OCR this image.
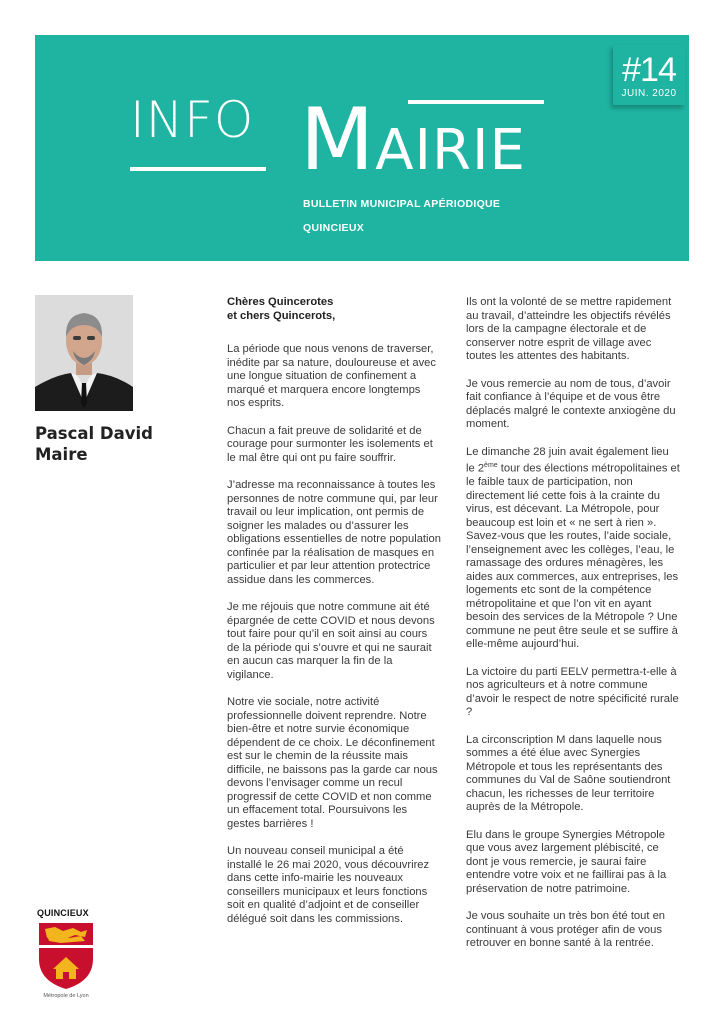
#14
JUIN. 2020
INFO MAIRIE
BULLETIN MUNICIPAL APÉRIODIQUE
QUINCIEUX
Pascal David
Maire

Chères Quincerotes
et chers Quincerots,

La période que nous venons de traverser, inédite par sa nature, douloureuse et avec une longue situation de confinement a marqué et marquera encore longtemps nos esprits.

Chacun a fait preuve de solidarité et de courage pour surmonter les isolements et le mal être qui ont pu faire souffrir.

J’adresse ma reconnaissance à toutes les personnes de notre commune qui, par leur travail ou leur implication, ont permis de soigner les malades ou d’assurer les obligations essentielles de notre population confinée par la réalisation de masques en particulier et par leur attention protectrice assidue dans les commerces.

Je me réjouis que notre commune ait été épargnée de cette COVID et nous devons tout faire pour qu’il en soit ainsi au cours de la période qui s’ouvre et qui ne saurait en aucun cas marquer la fin de la vigilance.

Notre vie sociale, notre activité professionnelle doivent reprendre. Notre bien-être et notre survie économique dépendent de ce choix. Le déconfinement est sur le chemin de la réussite mais difficile, ne baissons pas la garde car nous devons l’envisager comme un recul progressif de cette COVID et non comme un effacement total. Poursuivons les gestes barrières !

Un nouveau conseil municipal a été installé le 26 mai 2020, vous découvrirez dans cette info-mairie les nouveaux conseillers municipaux et leurs fonctions soit en qualité d’adjoint et de conseiller délégué soit dans les commissions.

Ils ont la volonté de se mettre rapidement au travail, d’atteindre les objectifs révélés lors de la campagne électorale et de conserver notre esprit de village avec toutes les attentes des habitants.

Je vous remercie au nom de tous, d’avoir fait confiance à l’équipe et de vous être déplacés malgré le contexte anxiogène du moment.

Le dimanche 28 juin avait également lieu le 2ème tour des élections métropolitaines et le faible taux de participation, non directement lié cette fois à la crainte du virus, est décevant. La Métropole, pour beaucoup est loin et « ne sert à rien ». Savez-vous que les routes, l’aide sociale, l’enseignement avec les collèges, l’eau, le ramassage des ordures ménagères, les aides aux commerces, aux entreprises, les logements etc sont de la compétence métropolitaine et que l’on vit en ayant besoin des services de la Métropole ? Une commune ne peut être seule et se suffire à elle-même aujourd’hui.

La victoire du parti EELV permettra-t-elle à nos agriculteurs et à notre commune d’avoir le respect de notre spécificité rurale ?

La circonscription M dans laquelle nous sommes a été élue avec Synergies Métropole et tous les représentants des communes du Val de Saône soutiendront chacun, les richesses de leur territoire auprès de la Métropole.

Elu dans le groupe Synergies Métropole que vous avez largement plébiscité, ce dont je vous remercie, je saurai faire entendre votre voix et ne faillirai pas à la préservation de notre patrimoine.

Je vous souhaite un très bon été tout en continuant à vous protéger afin de vous retrouver en bonne santé à la rentrée.

QUINCIEUX
Métropole de Lyon
